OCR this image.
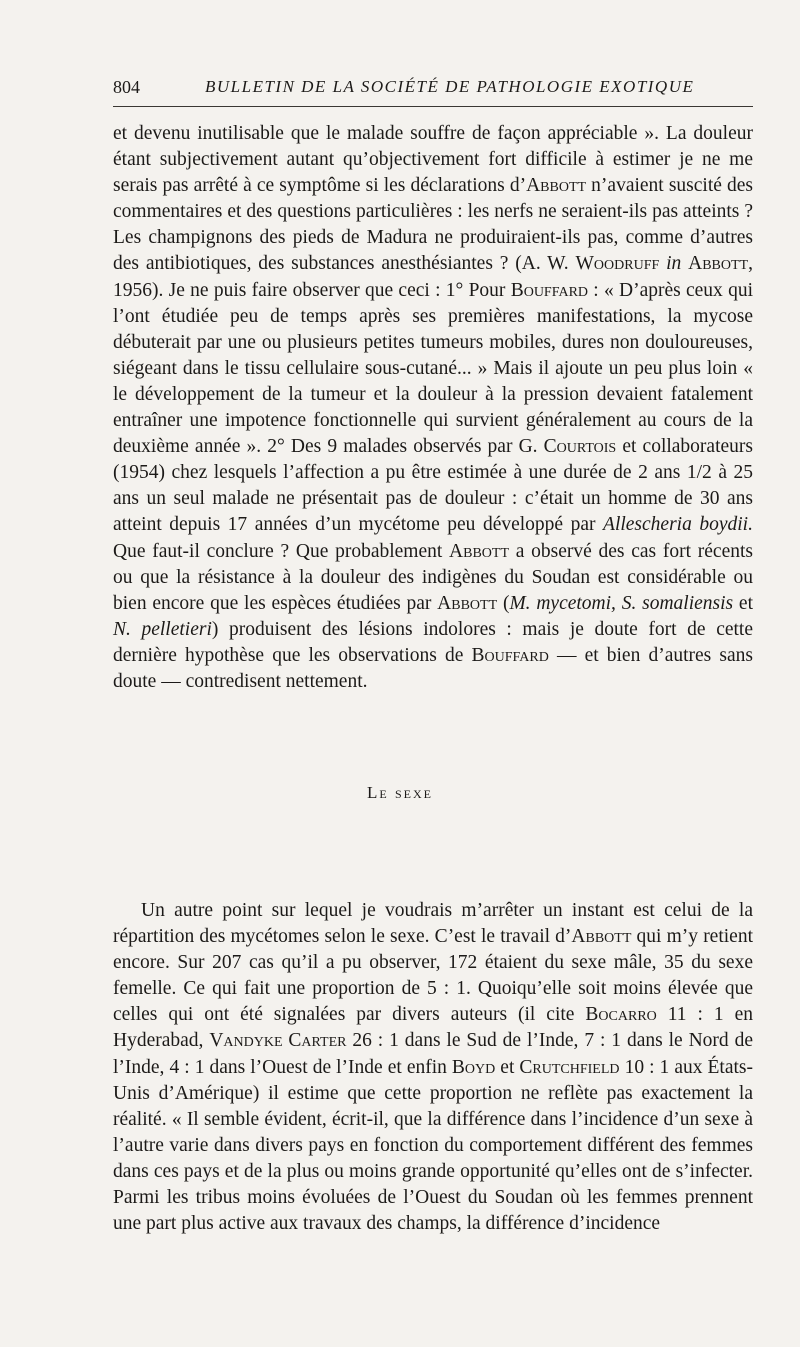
804	BULLETIN DE LA SOCIÉTÉ DE PATHOLOGIE EXOTIQUE

et devenu inutilisable que le malade souffre de façon appréciable ». La douleur étant subjectivement autant qu’objectivement fort difficile à estimer je ne me serais pas arrêté à ce symptôme si les déclarations d’Abbott n’avaient suscité des commentaires et des questions particulières : les nerfs ne seraient-ils pas atteints ? Les champignons des pieds de Madura ne produiraient-ils pas, comme d’autres des antibiotiques, des substances anesthésiantes ? (A. W. Woodruff in Abbott, 1956). Je ne puis faire observer que ceci : 1° Pour Bouffard : « D’après ceux qui l’ont étudiée peu de temps après ses premières manifestations, la mycose débuterait par une ou plusieurs petites tumeurs mobiles, dures non douloureuses, siégeant dans le tissu cellulaire sous-cutané... » Mais il ajoute un peu plus loin « le développement de la tumeur et la douleur à la pression devaient fatalement entraîner une impotence fonctionnelle qui survient généralement au cours de la deuxième année ». 2° Des 9 malades observés par G. Courtois et collaborateurs (1954) chez lesquels l’affection a pu être estimée à une durée de 2 ans 1/2 à 25 ans un seul malade ne présentait pas de douleur : c’était un homme de 30 ans atteint depuis 17 années d’un mycétome peu développé par Allescheria boydii. Que faut-il conclure ? Que probablement Abbott a observé des cas fort récents ou que la résistance à la douleur des indigènes du Soudan est considérable ou bien encore que les espèces étudiées par Abbott (M. mycetomi, S. somaliensis et N. pelletieri) produisent des lésions indolores : mais je doute fort de cette dernière hypothèse que les observations de Bouffard — et bien d’autres sans doute — contredisent nettement.

Le sexe

Un autre point sur lequel je voudrais m’arrêter un instant est celui de la répartition des mycétomes selon le sexe. C’est le travail d’Abbott qui m’y retient encore. Sur 207 cas qu’il a pu observer, 172 étaient du sexe mâle, 35 du sexe femelle. Ce qui fait une proportion de 5 : 1. Quoiqu’elle soit moins élevée que celles qui ont été signalées par divers auteurs (il cite Bocarro 11 : 1 en Hyderabad, Vandyke Carter 26 : 1 dans le Sud de l’Inde, 7 : 1 dans le Nord de l’Inde, 4 : 1 dans l’Ouest de l’Inde et enfin Boyd et Crutchfield 10 : 1 aux États-Unis d’Amérique) il estime que cette proportion ne reflète pas exactement la réalité. « Il semble évident, écrit-il, que la différence dans l’incidence d’un sexe à l’autre varie dans divers pays en fonction du comportement différent des femmes dans ces pays et de la plus ou moins grande opportunité qu’elles ont de s’infecter. Parmi les tribus moins évoluées de l’Ouest du Soudan où les femmes prennent une part plus active aux travaux des champs, la différence d’incidence
